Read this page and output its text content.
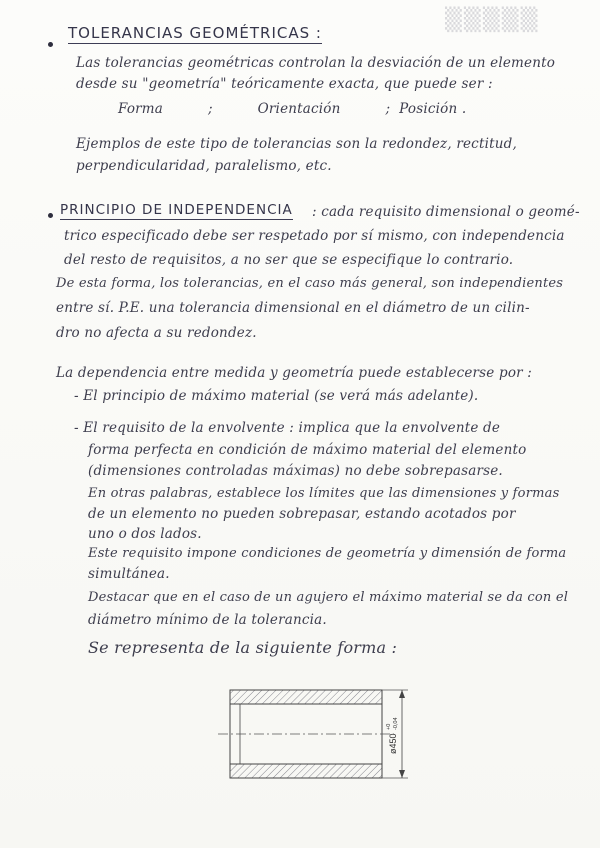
▒▒▒▒▒
TOLERANCIAS GEOMÉTRICAS :
Las tolerancias geométricas controlan la desviación de un elemento
desde su "geometría" teóricamente exacta, que puede ser :
Forma          ;          Orientación          ;  Posición .
Ejemplos de este tipo de tolerancias son la redondez, rectitud,
perpendicularidad, paralelismo, etc.
PRINCIPIO DE INDEPENDENCIA : cada requisito dimensional o geomé-
trico especificado debe ser respetado por sí mismo, con independencia
del resto de requisitos, a no ser que se especifique lo contrario.
De esta forma, los tolerancias, en el caso más general, son independientes
entre sí. P.E. una tolerancia dimensional en el diámetro de un cilin-
dro no afecta a su redondez.
La dependencia entre medida y geometría puede establecerse por :
- El principio de máximo material (se verá más adelante).
- El requisito de la envolvente : implica que la envolvente de
forma perfecta en condición de máximo material del elemento
(dimensiones controladas máximas) no debe sobrepasarse.
En otras palabras, establece los límites que las dimensiones y formas
de un elemento no pueden sobrepasar, estando acotados por
uno o dos lados.
Este requisito impone condiciones de geometría y dimensión de forma
simultánea.
Destacar que en el caso de un agujero el máximo material se da con el
diámetro mínimo de la tolerancia.
Se representa de la siguiente forma :
ø450
+0 -0,04
